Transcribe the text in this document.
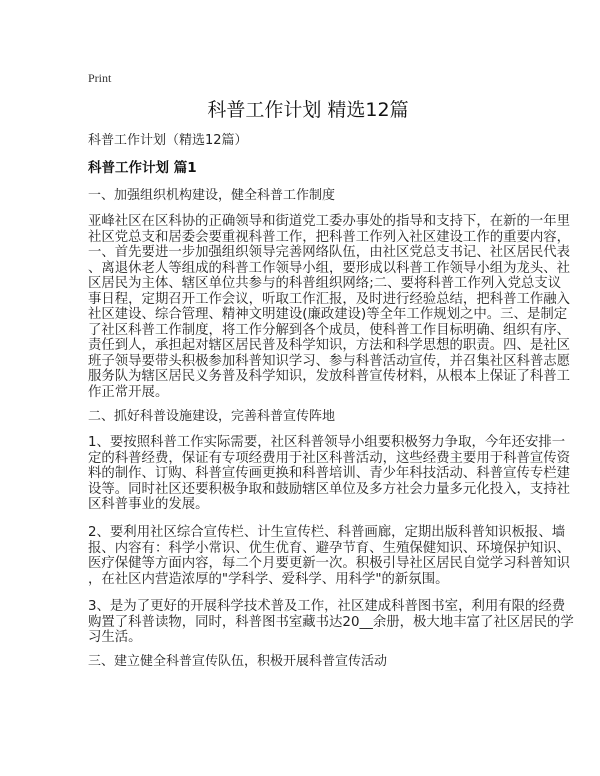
Print
科普工作计划 精选12篇
科普工作计划（精选12篇）
科普工作计划 篇1
一、加强组织机构建设，健全科普工作制度
亚峰社区在区科协的正确领导和街道党工委办事处的指导和支持下，在新的一年里
社区党总支和居委会要重视科普工作，把科普工作列入社区建设工作的重要内容，
一、首先要进一步加强组织领导完善网络队伍，由社区党总支书记、社区居民代表
、离退休老人等组成的科普工作领导小组，要形成以科普工作领导小组为龙头、社
区居民为主体、辖区单位共参与的科普组织网络;二、要将科普工作列入党总支议
事日程，定期召开工作会议，听取工作汇报，及时进行经验总结，把科普工作融入
社区建设、综合管理、精神文明建设(廉政建设)等全年工作规划之中。三、是制定
了社区科普工作制度，将工作分解到各个成员，使科普工作目标明确、组织有序、
责任到人，承担起对辖区居民普及科学知识，方法和科学思想的职责。四、是社区
班子领导要带头积极参加科普知识学习、参与科普活动宣传，并召集社区科普志愿
服务队为辖区居民义务普及科学知识，发放科普宣传材料，从根本上保证了科普工
作正常开展。
二、抓好科普设施建设，完善科普宣传阵地
1、要按照科普工作实际需要，社区科普领导小组要积极努力争取，今年还安排一
定的科普经费，保证有专项经费用于社区科普活动，这些经费主要用于科普宣传资
料的制作、订购、科普宣传画更换和科普培训、青少年科技活动、科普宣传专栏建
设等。同时社区还要积极争取和鼓励辖区单位及多方社会力量多元化投入，支持社
区科普事业的发展。
2、要利用社区综合宣传栏、计生宣传栏、科普画廊，定期出版科普知识板报、墙
报、内容有：科学小常识、优生优育、避孕节育、生殖保健知识、环境保护知识、
医疗保健等方面内容，每二个月要更新一次。积极引导社区居民自觉学习科普知识
，在社区内营造浓厚的"学科学、爱科学、用科学"的新氛围。
3、是为了更好的开展科学技术普及工作，社区建成科普图书室，利用有限的经费
购置了科普读物，同时，科普图书室藏书达20__余册，极大地丰富了社区居民的学
习生活。
三、建立健全科普宣传队伍，积极开展科普宣传活动
